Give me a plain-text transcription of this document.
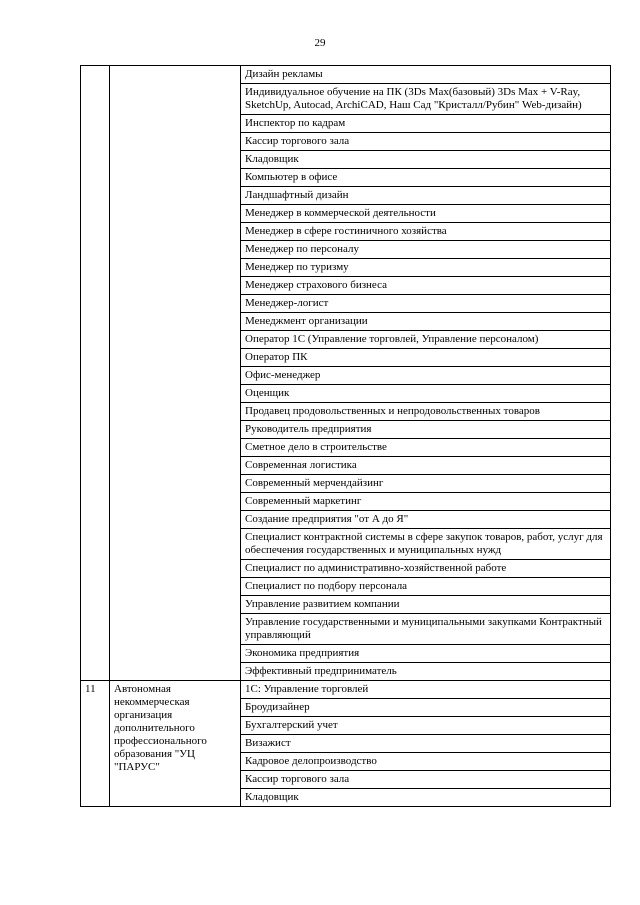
29
		Дизайн рекламы
		Индивидуальное обучение на ПК (3Ds Max(базовый) 3Ds Max + V-Ray, SketchUp, Autocad, ArchiCAD, Наш Сад "Кристалл/Рубин" Web-дизайн)
		Инспектор по кадрам
		Кассир торгового зала
		Кладовщик
		Компьютер в офисе
		Ландшафтный дизайн
		Менеджер в коммерческой деятельности
		Менеджер в сфере гостиничного хозяйства
		Менеджер по персоналу
		Менеджер по туризму
		Менеджер страхового бизнеса
		Менеджер-логист
		Менеджмент организации
		Оператор 1С (Управление торговлей, Управление персоналом)
		Оператор ПК
		Офис-менеджер
		Оценщик
		Продавец продовольственных и непродовольственных товаров
		Руководитель предприятия
		Сметное дело в строительстве
		Современная логистика
		Современный мерчендайзинг
		Современный маркетинг
		Создание предприятия "от А до Я"
		Специалист контрактной системы в сфере закупок товаров, работ, услуг для обеспечения государственных и муниципальных нужд
		Специалист по административно-хозяйственной работе
		Специалист по подбору персонала
		Управление развитием компании
		Управление государственными и муниципальными закупками Контрактный управляющий
		Экономика предприятия
		Эффективный предприниматель
11	Автономная некоммерческая организация дополнительного профессионального образования "УЦ "ПАРУС"	1С: Управление торговлей
		Броудизайнер
		Бухгалтерский учет
		Визажист
		Кадровое делопроизводство
		Кассир торгового зала
		Кладовщик
